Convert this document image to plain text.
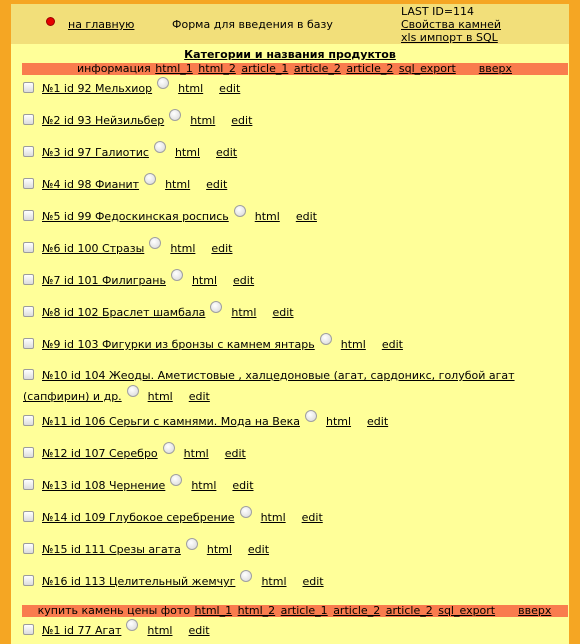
на главную	Форма для введения в базу
LAST ID=114
Свойства камней
xls импорт в SQL
Категории и названия продуктов
информация html_1 html_2 article_1 article_2 article_2 sql_export вверх
№1 id 92 Мельхиор html edit
№2 id 93 Нейзильбер html edit
№3 id 97 Галиотис html edit
№4 id 98 Фианит html edit
№5 id 99 Федоскинская роспись html edit
№6 id 100 Стразы html edit
№7 id 101 Филигрань html edit
№8 id 102 Браслет шамбала html edit
№9 id 103 Фигурки из бронзы с камнем янтарь html edit
№10 id 104 Жеоды. Аметистовые , халцедоновые (агат, сардоникс, голубой агат (сапфирин) и др. html edit
№11 id 106 Серьги с камнями. Мода на Века html edit
№12 id 107 Серебро html edit
№13 id 108 Чернение html edit
№14 id 109 Глубокое серебрение html edit
№15 id 111 Срезы агата html edit
№16 id 113 Целительный жемчуг html edit
купить камень цены фото html_1 html_2 article_1 article_2 article_2 sql_export вверх
№1 id 77 Агат html edit
